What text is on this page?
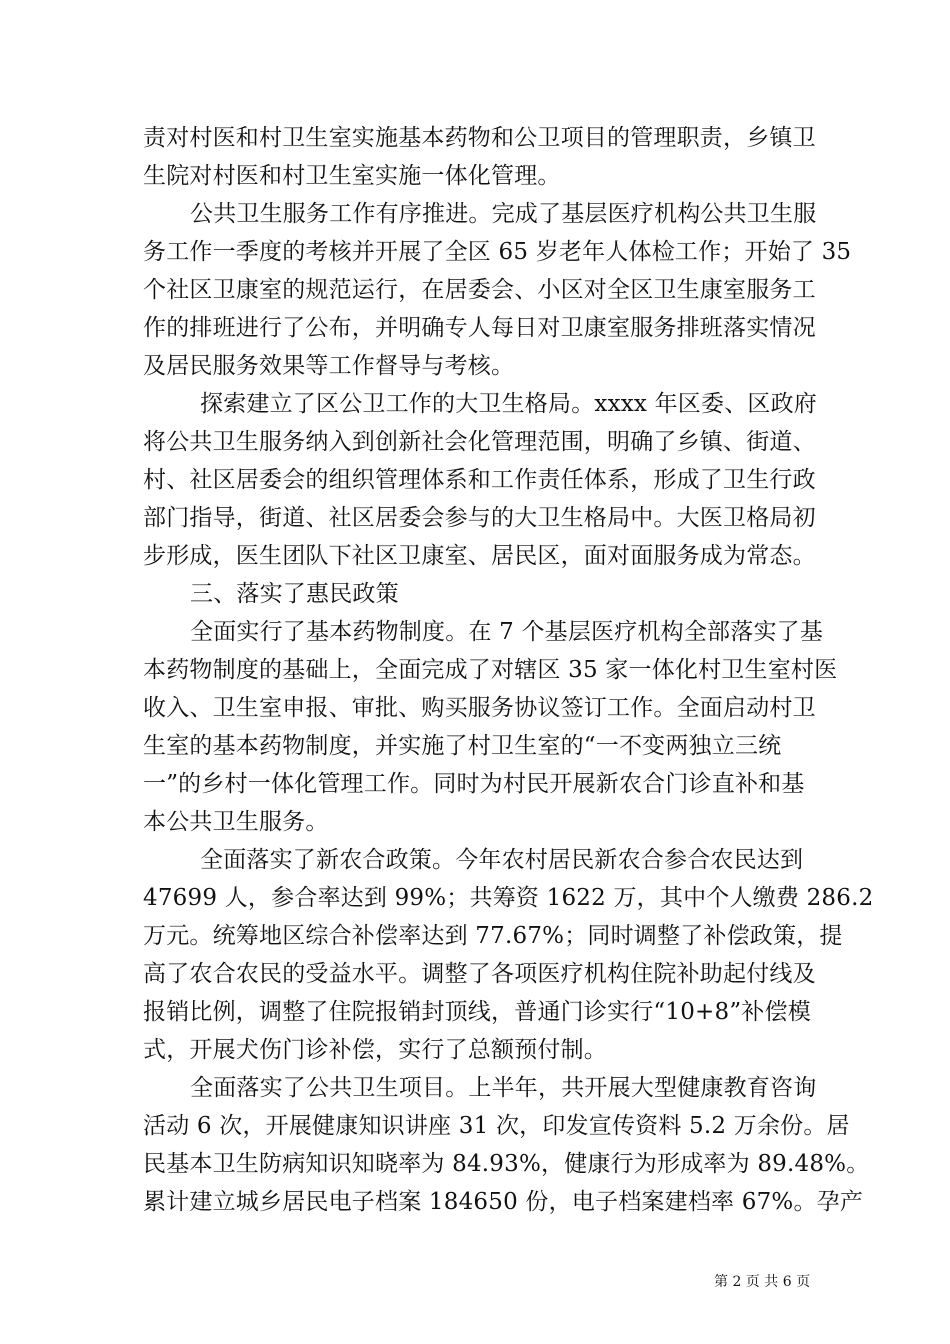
责对村医和村卫生室实施基本药物和公卫项目的管理职责，乡镇卫
生院对村医和村卫生室实施一体化管理。
公共卫生服务工作有序推进。完成了基层医疗机构公共卫生服
务工作一季度的考核并开展了全区 65 岁老年人体检工作；开始了 35
个社区卫康室的规范运行，在居委会、小区对全区卫生康室服务工
作的排班进行了公布，并明确专人每日对卫康室服务排班落实情况
及居民服务效果等工作督导与考核。
探索建立了区公卫工作的大卫生格局。xxxx 年区委、区政府
将公共卫生服务纳入到创新社会化管理范围，明确了乡镇、街道、
村、社区居委会的组织管理体系和工作责任体系，形成了卫生行政
部门指导，街道、社区居委会参与的大卫生格局中。大医卫格局初
步形成，医生团队下社区卫康室、居民区，面对面服务成为常态。
三、落实了惠民政策
全面实行了基本药物制度。在 7 个基层医疗机构全部落实了基
本药物制度的基础上，全面完成了对辖区 35 家一体化村卫生室村医
收入、卫生室申报、审批、购买服务协议签订工作。全面启动村卫
生室的基本药物制度，并实施了村卫生室的“一不变两独立三统
一”的乡村一体化管理工作。同时为村民开展新农合门诊直补和基
本公共卫生服务。
全面落实了新农合政策。今年农村居民新农合参合农民达到
47699 人，参合率达到 99%；共筹资 1622 万，其中个人缴费 286.2
万元。统筹地区综合补偿率达到 77.67%；同时调整了补偿政策，提
高了农合农民的受益水平。调整了各项医疗机构住院补助起付线及
报销比例，调整了住院报销封顶线，普通门诊实行“10+8”补偿模
式，开展犬伤门诊补偿，实行了总额预付制。
全面落实了公共卫生项目。上半年，共开展大型健康教育咨询
活动 6 次，开展健康知识讲座 31 次，印发宣传资料 5.2 万余份。居
民基本卫生防病知识知晓率为 84.93%，健康行为形成率为 89.48%。
累计建立城乡居民电子档案 184650 份，电子档案建档率 67%。孕产
第 2 页 共 6 页
